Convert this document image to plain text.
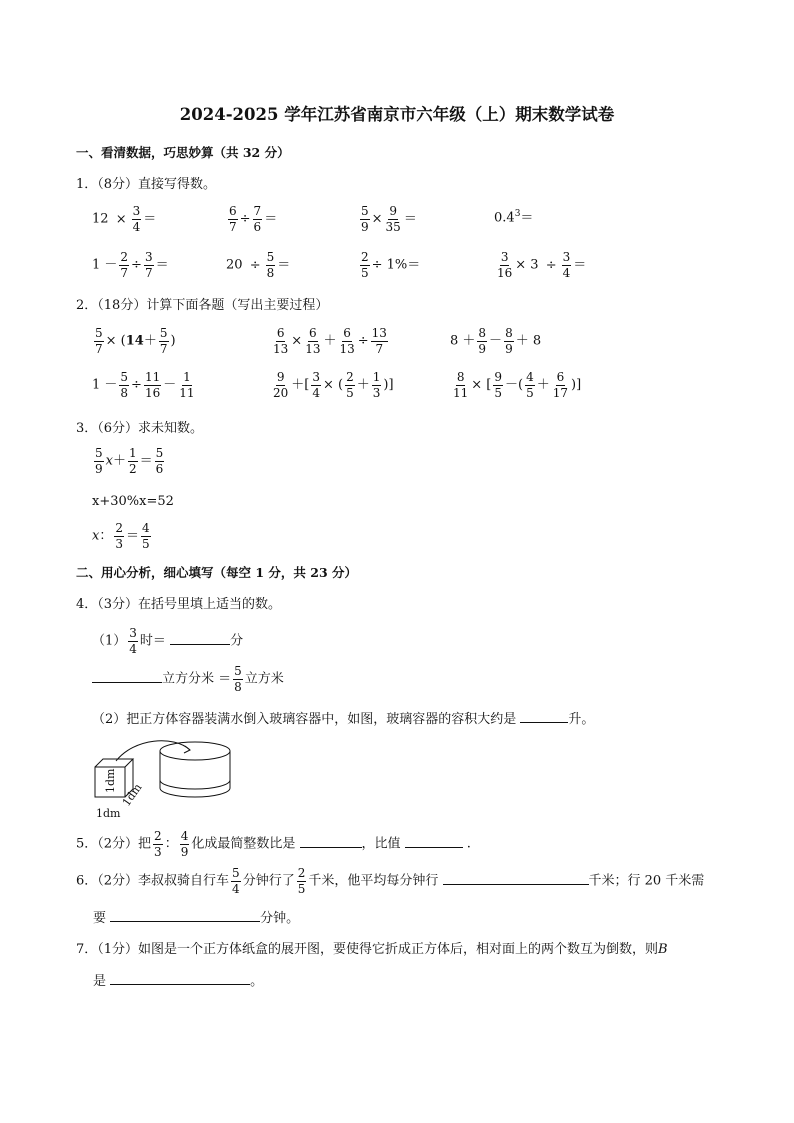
2024-2025 学年江苏省南京市六年级（上）期末数学试卷
一、看清数据，巧思妙算（共 32 分）
1．（8分）直接写得数。
$12 \times \frac{3}{4}$ ＝	$\frac{6}{7} \div \frac{7}{6}$ ＝	$\frac{5}{9} \times \frac{9}{35}$ ＝	$0.4^3=$
$1 - \frac{2}{7} \div \frac{3}{7}$ ＝	$20 \div \frac{5}{8}$ ＝	$\frac{2}{5} \div 1\%=$	$\frac{3}{16} \times 3 \div \frac{3}{4}$ ＝
2．（18分）计算下面各题（写出主要过程）
$\frac{5}{7} \times (14+ \frac{5}{7}$ )	$\frac{6}{13} \times \frac{6}{13} + \frac{6}{13} \div \frac{13}{7}$	$8 + \frac{8}{9} - \frac{8}{9} + 8$
$1 - \frac{5}{8} \div \frac{11}{16} - \frac{1}{11}$	$\frac{9}{20}$ ＋[ $\frac{3}{4}$ × ( $\frac{2}{5} + \frac{1}{3}$ )]	$\frac{8}{11}$ × [ $\frac{9}{5}$ －( $\frac{4}{5} + \frac{6}{17}$ )]
3．（6分）求未知数。
$\frac{5}{9} x+ \frac{1}{2} = \frac{5}{6}$
x+30%x=52
x： $\frac{2}{3} = \frac{4}{5}$
二、用心分析，细心填写（每空 1 分，共 23 分）
4．（3分）在括号里填上适当的数。
$(1) \frac{3}{4}$ 时＝	分
立方分米 ＝ $\frac{5}{8}$ 立方米
（2）把正方体容器装满水倒入玻璃容器中，如图，玻璃容器的容积大约是	升。
1dm
1dm
1dm
5．（2分）把 $\frac{2}{3}$ ： $\frac{4}{9}$ 化成最简整数比是	，比值	.
6．（2分）李叔叔骑自行车 $\frac{5}{4}$ 分钟行了 $\frac{2}{5}$ 千米，他平均每分钟行	千米；行 20 千米需
要	分钟。
7．（1分）如图是一个正方体纸盒的展开图，要使得它折成正方体后，相对面上的两个数互为倒数，则B
是	。
